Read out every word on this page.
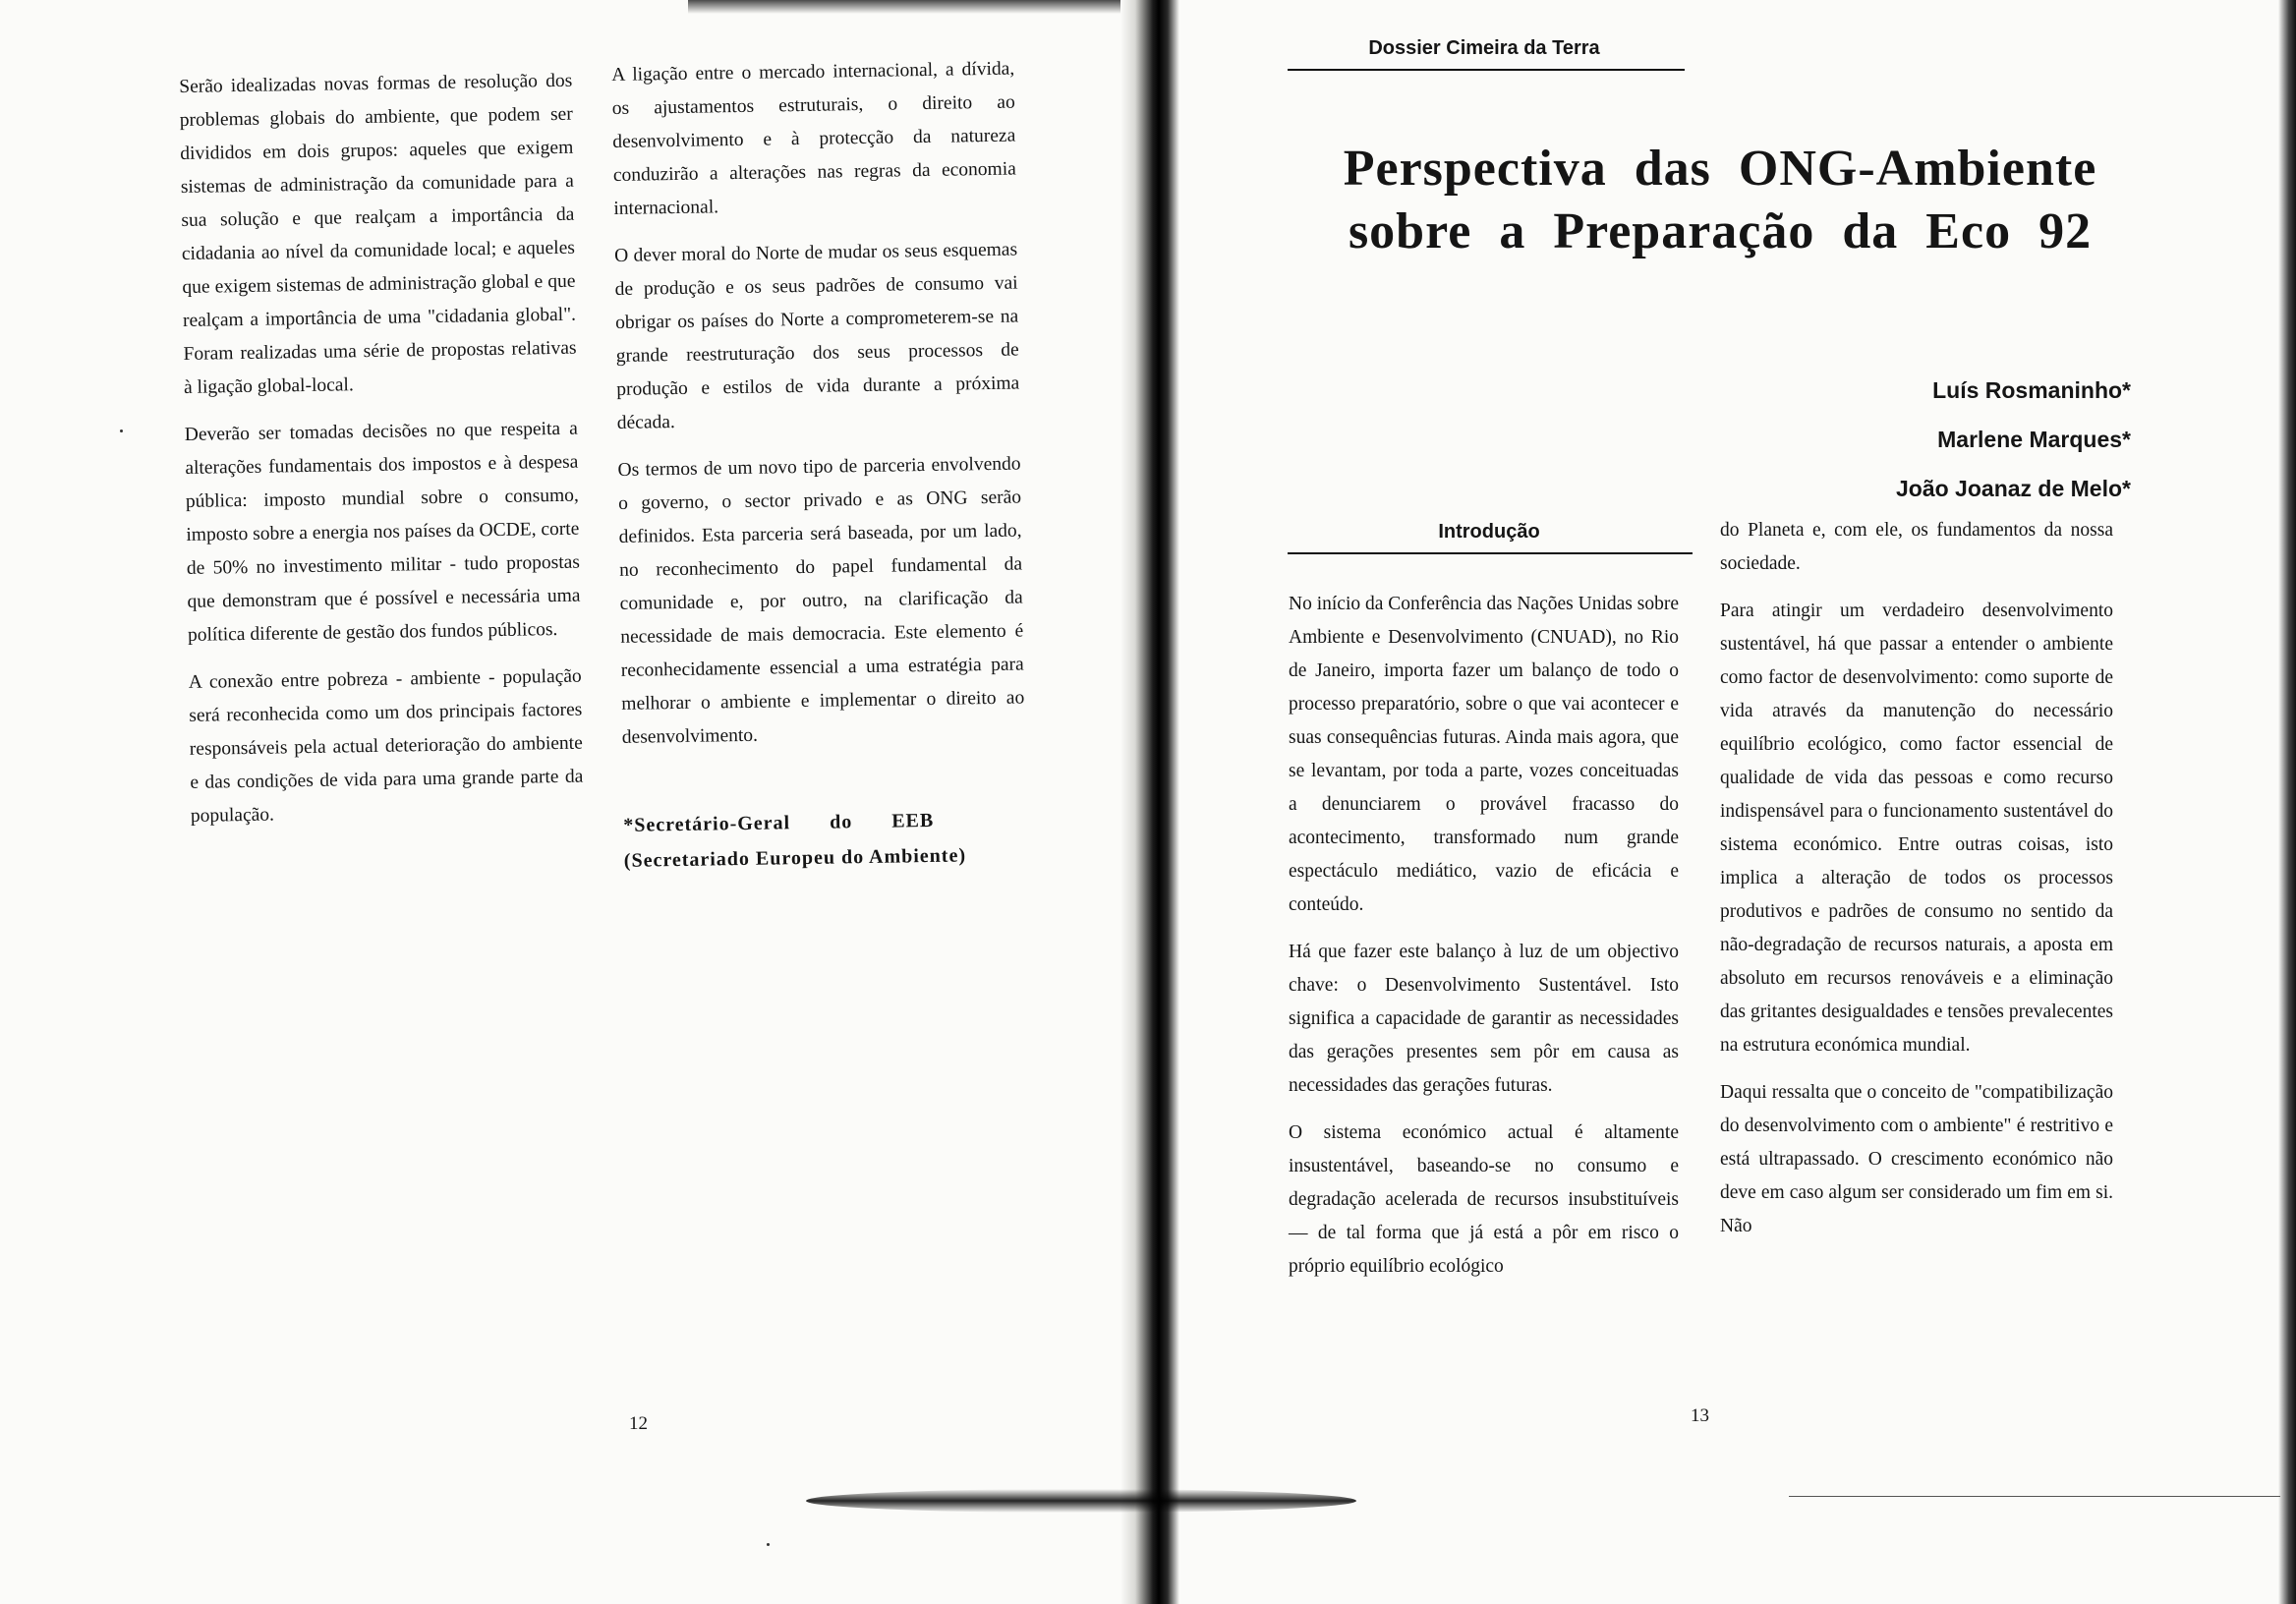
Serão idealizadas novas formas de resolução dos problemas globais do ambiente, que podem ser divididos em dois grupos: aqueles que exigem sistemas de administração da comunidade para a sua solução e que realçam a importância da cidadania ao nível da comunidade local; e aqueles que exigem sistemas de administração global e que realçam a importância de uma "cidadania global". Foram realizadas uma série de propostas relativas à ligação global-local.

Deverão ser tomadas decisões no que respeita a alterações fundamentais dos impostos e à despesa pública: imposto mundial sobre o consumo, imposto sobre a energia nos países da OCDE, corte de 50% no investimento militar - tudo propostas que demonstram que é possível e necessária uma política diferente de gestão dos fundos públicos.

A conexão entre pobreza - ambiente - população será reconhecida como um dos principais factores responsáveis pela actual deterioração do ambiente e das condições de vida para uma grande parte da população.

A ligação entre o mercado internacional, a dívida, os ajustamentos estruturais, o direito ao desenvolvimento e à protecção da natureza conduzirão a alterações nas regras da economia internacional.

O dever moral do Norte de mudar os seus esquemas de produção e os seus padrões de consumo vai obrigar os países do Norte a comprometerem-se na grande reestruturação dos seus processos de produção e estilos de vida durante a próxima década.

Os termos de um novo tipo de parceria envolvendo o governo, o sector privado e as ONG serão definidos. Esta parceria será baseada, por um lado, no reconhecimento do papel fundamental da comunidade e, por outro, na clarificação da necessidade de mais democracia. Este elemento é reconhecidamente essencial a uma estratégia para melhorar o ambiente e implementar o direito ao desenvolvimento.

*Secretário-Geral do EEB
(Secretariado Europeu do Ambiente)
12
Dossier Cimeira da Terra
Perspectiva das ONG-Ambiente
sobre a Preparação da Eco 92
Luís Rosmaninho*
Marlene Marques*
João Joanaz de Melo*
Introdução

No início da Conferência das Nações Unidas sobre Ambiente e Desenvolvimento (CNUAD), no Rio de Janeiro, importa fazer um balanço de todo o processo preparatório, sobre o que vai acontecer e suas consequências futuras. Ainda mais agora, que se levantam, por toda a parte, vozes conceituadas a denunciarem o provável fracasso do acontecimento, transformado num grande espectáculo mediático, vazio de eficácia e conteúdo.

Há que fazer este balanço à luz de um objectivo chave: o Desenvolvimento Sustentável. Isto significa a capacidade de garantir as necessidades das gerações presentes sem pôr em causa as necessidades das gerações futuras.

O sistema económico actual é altamente insustentável, baseando-se no consumo e degradação acelerada de recursos insubstituíveis — de tal forma que já está a pôr em risco o próprio equilíbrio ecológico

do Planeta e, com ele, os fundamentos da nossa sociedade.

Para atingir um verdadeiro desenvolvimento sustentável, há que passar a entender o ambiente como factor de desenvolvimento: como suporte de vida através da manutenção do necessário equilíbrio ecológico, como factor essencial de qualidade de vida das pessoas e como recurso indispensável para o funcionamento sustentável do sistema económico. Entre outras coisas, isto implica a alteração de todos os processos produtivos e padrões de consumo no sentido da não-degradação de recursos naturais, a aposta em absoluto em recursos renováveis e a eliminação das gritantes desigualdades e tensões prevalecentes na estrutura económica mundial.

Daqui ressalta que o conceito de "compatibilização do desenvolvimento com o ambiente" é restritivo e está ultrapassado. O crescimento económico não deve em caso algum ser considerado um fim em si. Não

13
